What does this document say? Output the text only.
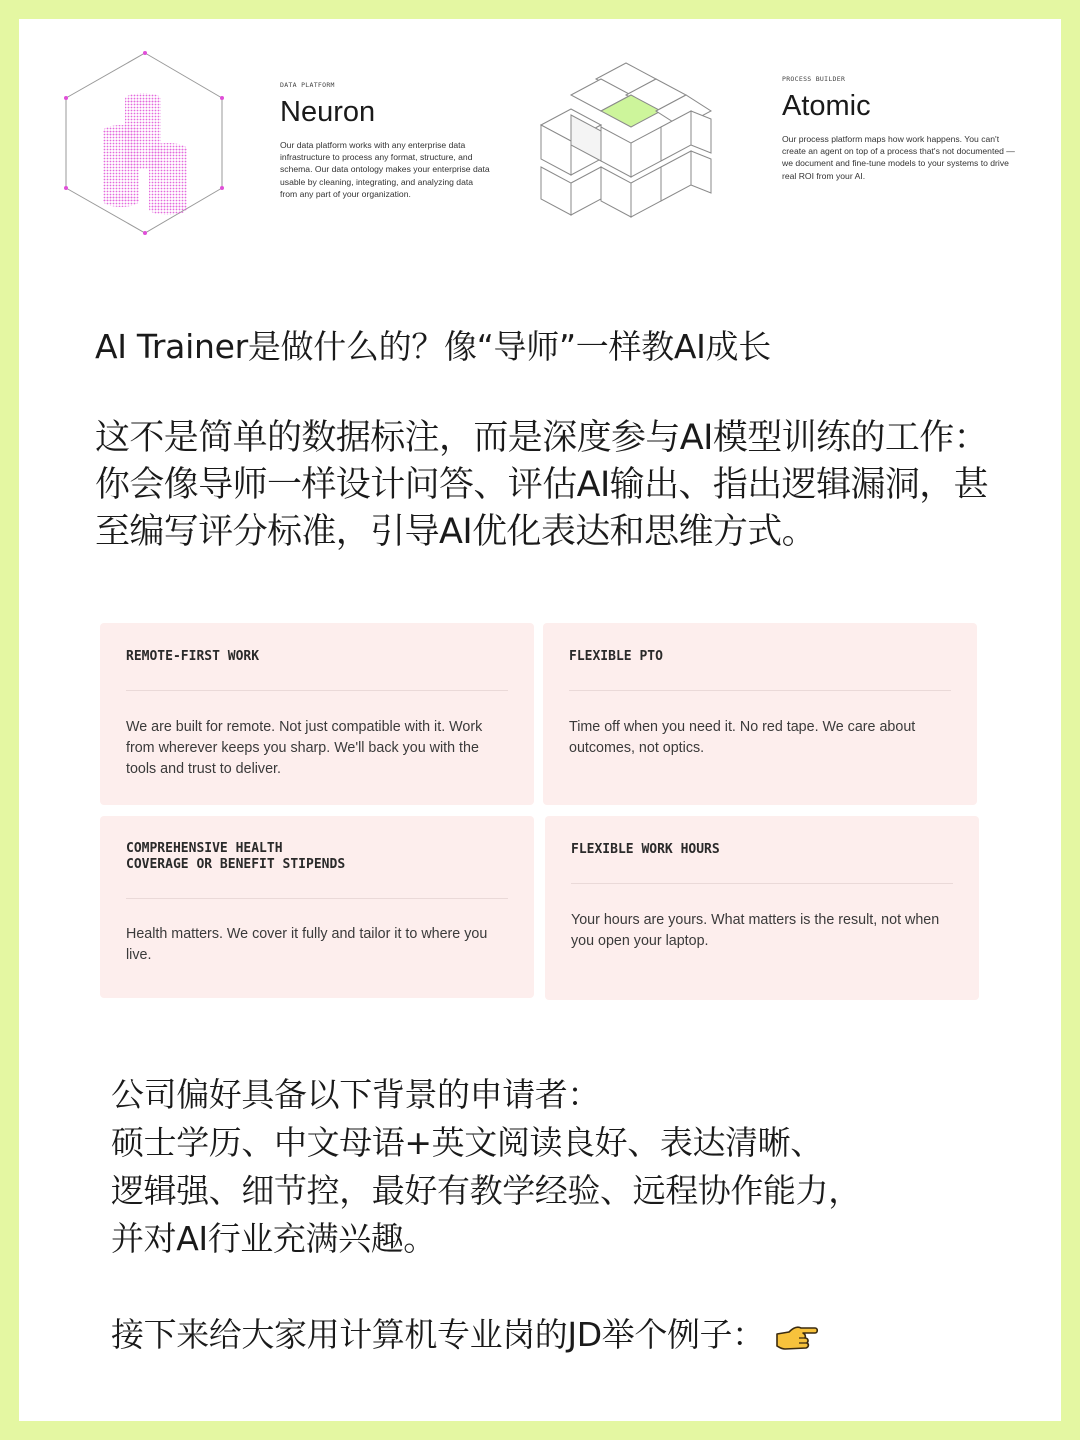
DATA PLATFORM
Neuron
Our data platform works with any enterprise data infrastructure to process any format, structure, and schema. Our data ontology makes your enterprise data usable by cleaning, integrating, and analyzing data from any part of your organization.
PROCESS BUILDER
Atomic
Our process platform maps how work happens. You can't create an agent on top of a process that's not documented — we document and fine-tune models to your systems to drive real ROI from your AI.
AI Trainer是做什么的？像“导师”一样教AI成长
这不是简单的数据标注，而是深度参与AI模型训练的工作：你会像导师一样设计问答、评估AI输出、指出逻辑漏洞，甚至编写评分标准，引导AI优化表达和思维方式。
REMOTE-FIRST WORK
We are built for remote. Not just compatible with it. Work from wherever keeps you sharp. We'll back you with the tools and trust to deliver.
FLEXIBLE PTO
Time off when you need it. No red tape. We care about outcomes, not optics.
COMPREHENSIVE HEALTH
COVERAGE OR BENEFIT STIPENDS
Health matters. We cover it fully and tailor it to where you live.
FLEXIBLE WORK HOURS
Your hours are yours. What matters is the result, not when you open your laptop.
公司偏好具备以下背景的申请者：
硕士学历、中文母语+英文阅读良好、表达清晰、
逻辑强、细节控，最好有教学经验、远程协作能力，
并对AI行业充满兴趣。
接下来给大家用计算机专业岗的JD举个例子：
